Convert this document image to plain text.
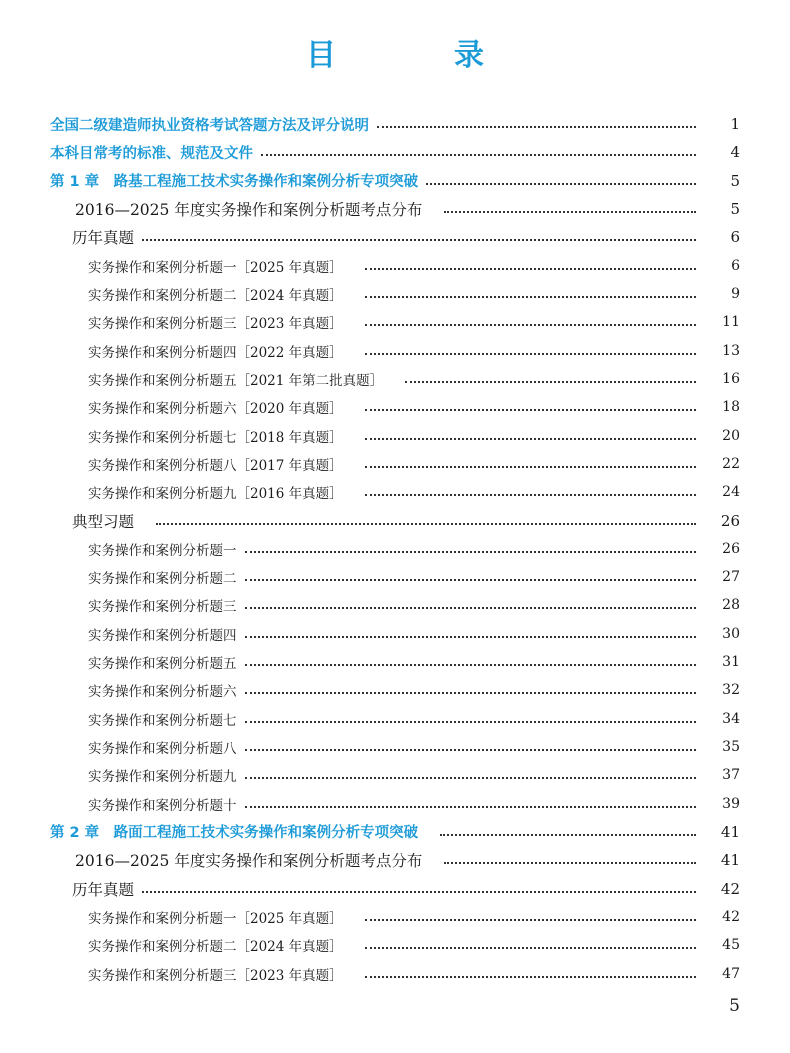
目　录
全国二级建造师执业资格考试答题方法及评分说明	1
本科目常考的标准、规范及文件	4
第 1 章　路基工程施工技术实务操作和案例分析专项突破	5
2016—2025 年度实务操作和案例分析题考点分布	5
历年真题	6
实务操作和案例分析题一［2025 年真题］	6
实务操作和案例分析题二［2024 年真题］	9
实务操作和案例分析题三［2023 年真题］	11
实务操作和案例分析题四［2022 年真题］	13
实务操作和案例分析题五［2021 年第二批真题］	16
实务操作和案例分析题六［2020 年真题］	18
实务操作和案例分析题七［2018 年真题］	20
实务操作和案例分析题八［2017 年真题］	22
实务操作和案例分析题九［2016 年真题］	24
典型习题	26
实务操作和案例分析题一	26
实务操作和案例分析题二	27
实务操作和案例分析题三	28
实务操作和案例分析题四	30
实务操作和案例分析题五	31
实务操作和案例分析题六	32
实务操作和案例分析题七	34
实务操作和案例分析题八	35
实务操作和案例分析题九	37
实务操作和案例分析题十	39
第 2 章　路面工程施工技术实务操作和案例分析专项突破	41
2016—2025 年度实务操作和案例分析题考点分布	41
历年真题	42
实务操作和案例分析题一［2025 年真题］	42
实务操作和案例分析题二［2024 年真题］	45
实务操作和案例分析题三［2023 年真题］	47
5
